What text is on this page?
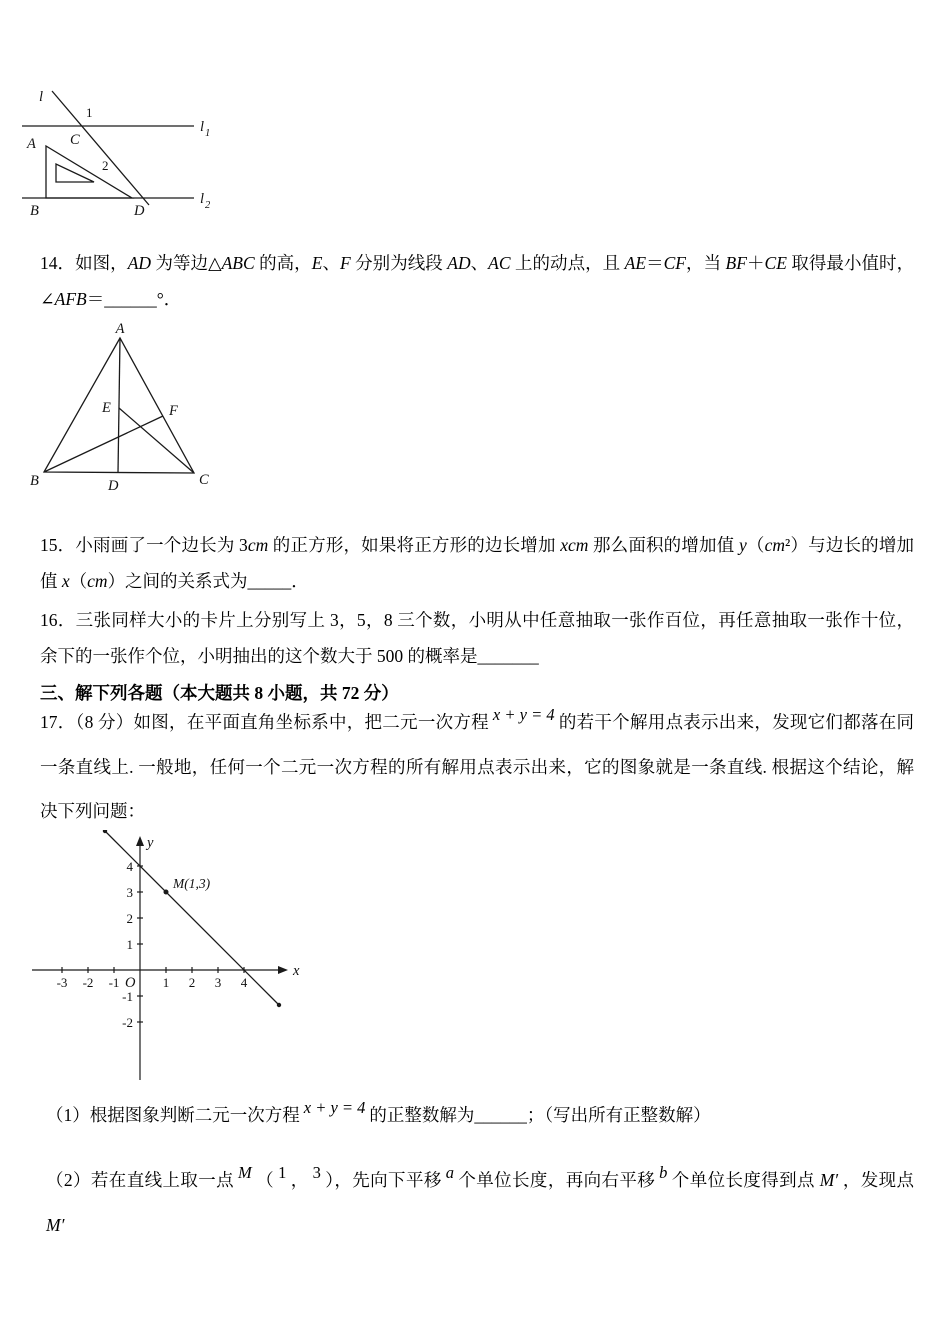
l
l 1
l 2
1
2
A
B
C
D

14．如图，AD 为等边△ABC 的高，E、F 分别为线段 AD、AC 上的动点，且 AE＝CF，当 BF＋CE 取得最小值时，∠AFB＝______°．

A
B	C
D
E	F

15．小雨画了一个边长为 3cm 的正方形，如果将正方形的边长增加 xcm 那么面积的增加值 y（cm²）与边长的增加值 x（cm）之间的关系式为_____．

16．三张同样大小的卡片上分别写上 3，5，8 三个数，小明从中任意抽取一张作百位，再任意抽取一张作十位，余下的一张作个位，小明抽出的这个数大于 500 的概率是_______

三、解下列各题（本大题共 8 小题，共 72 分）

17．（8 分）如图，在平面直角坐标系中，把二元一次方程 x + y = 4 的若干个解用点表示出来，发现它们都落在同一条直线上. 一般地，任何一个二元一次方程的所有解用点表示出来，它的图象就是一条直线. 根据这个结论，解决下列问题：

x
y
O
M(1,3)
-3 -2 -1	1 2 3 4
4
3
2
1
-1
-2

（1）根据图象判断二元一次方程 x + y = 4 的正整数解为______；（写出所有正整数解）

（2）若在直线上取一点 M （ 1 ， 3 ），先向下平移 a 个单位长度，再向右平移 b 个单位长度得到点 M′ ，发现点 M′
